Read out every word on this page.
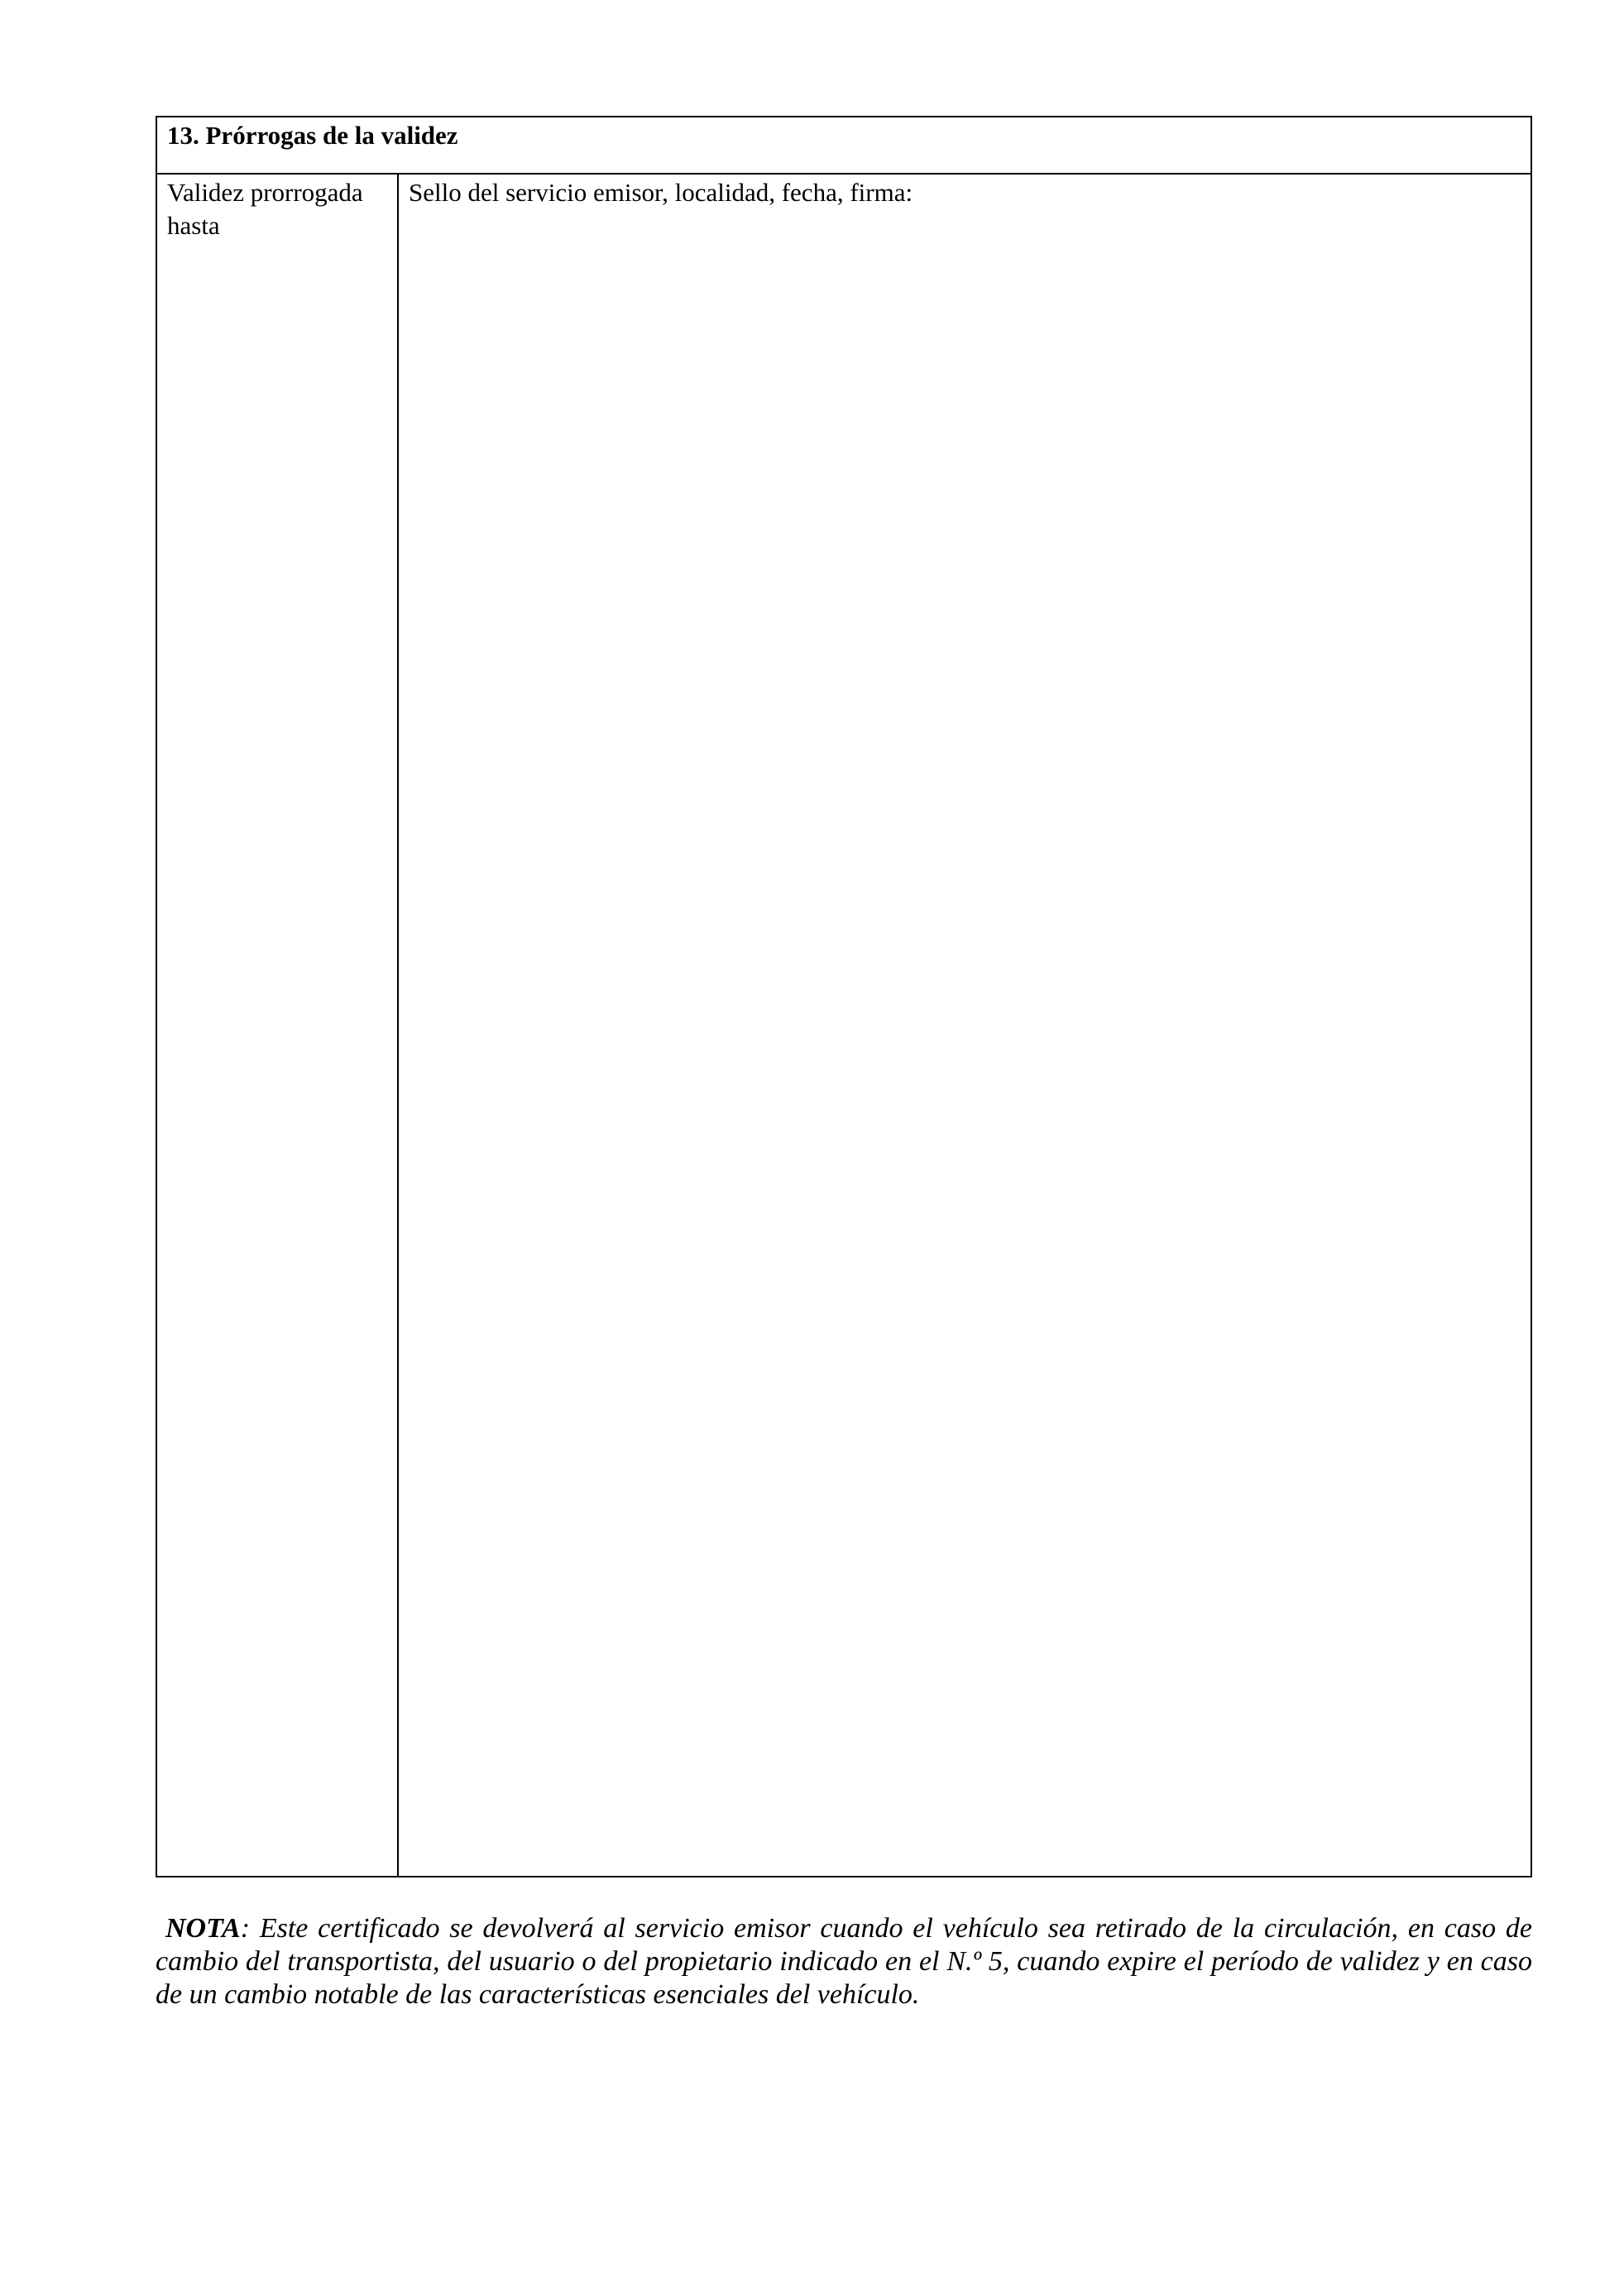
13. Prórrogas de la validez
Validez prorrogada hasta
Sello del servicio emisor, localidad, fecha, firma:
NOTA: Este certificado se devolverá al servicio emisor cuando el vehículo sea retirado de la circulación, en caso de cambio del transportista, del usuario o del propietario indicado en el N.º 5, cuando expire el período de validez y en caso de un cambio notable de las características esenciales del vehículo.
